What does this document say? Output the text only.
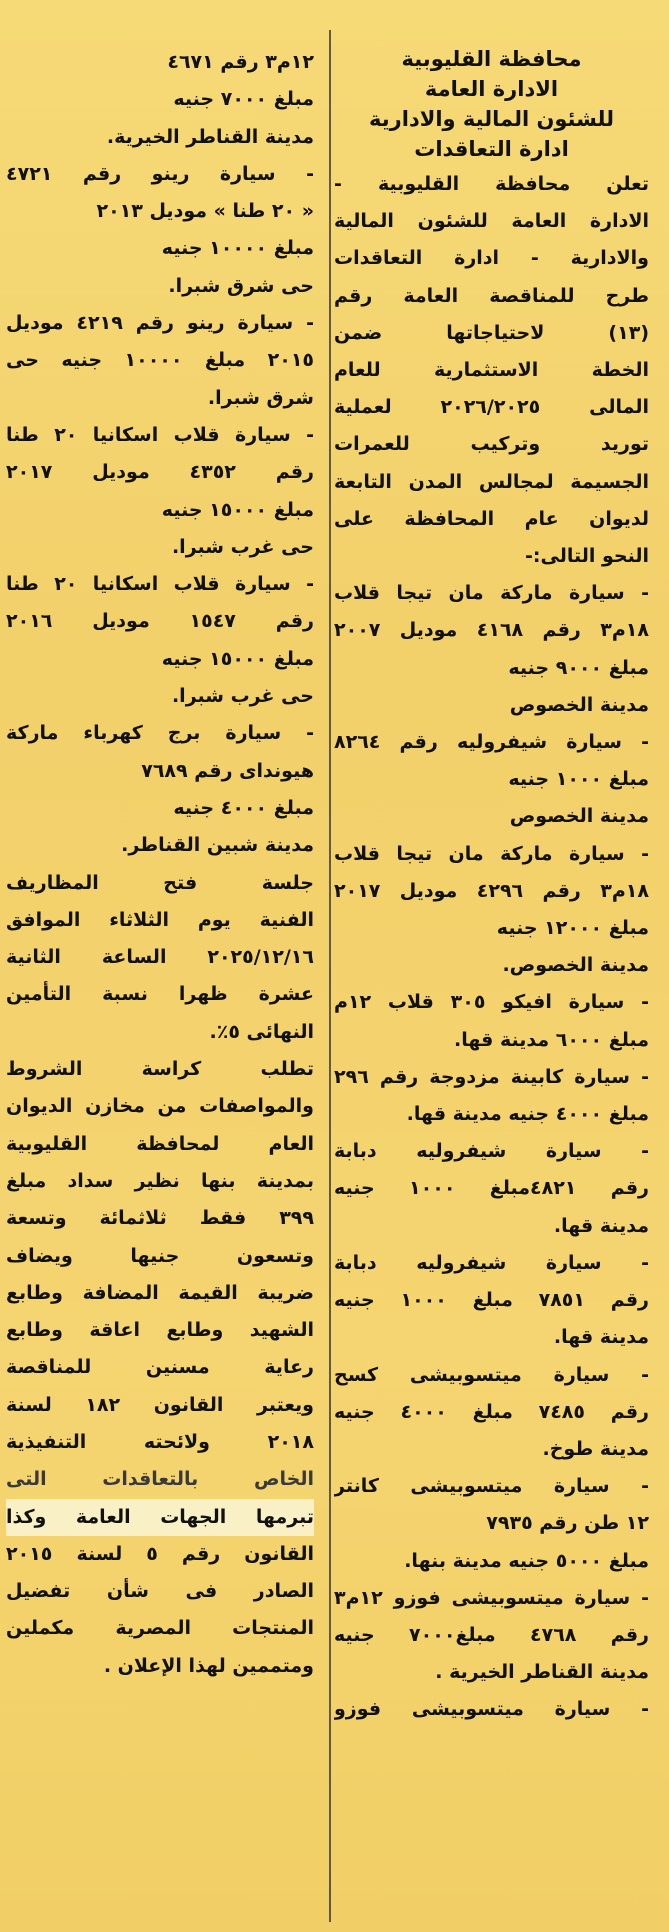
محافظة القليوبية

الادارة العامة

للشئون المالية والادارية

ادارة التعاقدات

تعلن محافظة القليوبية -
الادارة العامة للشئون المالية
والادارية - ادارة التعاقدات
طرح للمناقصة العامة رقم
(١٣) لاحتياجاتها ضمن
الخطة الاستثمارية للعام
المالى ٢٠٢٦/٢٠٢٥ لعملية
توريد وتركيب للعمرات
الجسيمة لمجالس المدن التابعة
لديوان عام المحافظة على
النحو التالى:-
- سيارة ماركة مان تيجا قلاب
١٨م٣ رقم ٤١٦٨ موديل ٢٠٠٧
مبلغ ٩٠٠٠ جنيه
مدينة الخصوص
- سيارة شيفروليه رقم ٨٢٦٤
مبلغ ١٠٠٠ جنيه
مدينة الخصوص
- سيارة ماركة مان تيجا قلاب
١٨م٣ رقم ٤٢٩٦ موديل ٢٠١٧
مبلغ ١٢٠٠٠ جنيه
مدينة الخصوص.
- سيارة افيكو ٣٠٥ قلاب ١٢م
مبلغ ٦٠٠٠ مدينة قها.
- سيارة كابينة مزدوجة رقم ٢٩٦
مبلغ ٤٠٠٠ جنيه مدينة قها.
- سيارة شيفروليه دبابة
رقم ٤٨٢١مبلغ ١٠٠٠ جنيه
مدينة قها.
- سيارة شيفروليه دبابة
رقم ٧٨٥١ مبلغ ١٠٠٠ جنيه
مدينة قها.
- سيارة ميتسوبيشى كسح
رقم ٧٤٨٥ مبلغ ٤٠٠٠ جنيه
مدينة طوخ.
- سيارة ميتسوبيشى كانتر
١٢ طن رقم ٧٩٣٥
مبلغ ٥٠٠٠ جنيه مدينة بنها.
- سيارة ميتسوبيشى فوزو ١٢م٣
رقم ٤٧٦٨ مبلغ٧٠٠٠ جنيه
مدينة القناطر الخيرية .
- سيارة ميتسوبيشى فوزو
١٢م٣ رقم ٤٦٧١
مبلغ ٧٠٠٠ جنيه
مدينة القناطر الخيرية.
- سيارة رينو رقم ٤٧٢١
« ٢٠ طنا » موديل ٢٠١٣
مبلغ ١٠٠٠٠ جنيه
حى شرق شبرا.
- سيارة رينو رقم ٤٢١٩ موديل
٢٠١٥ مبلغ ١٠٠٠٠ جنيه حى
شرق شبرا.
- سيارة قلاب اسكانيا ٢٠ طنا
رقم ٤٣٥٢ موديل ٢٠١٧
مبلغ ١٥٠٠٠ جنيه
حى غرب شبرا.
- سيارة قلاب اسكانيا ٢٠ طنا
رقم ١٥٤٧ موديل ٢٠١٦
مبلغ ١٥٠٠٠ جنيه
حى غرب شبرا.
- سيارة برج كهرباء ماركة
هيونداى رقم ٧٦٨٩
مبلغ ٤٠٠٠ جنيه
مدينة شبين القناطر.
جلسة فتح المظاريف
الفنية يوم الثلاثاء الموافق
٢٠٢٥/١٢/١٦ الساعة الثانية
عشرة ظهرا نسبة التأمين
النهائى ٥٪.
تطلب كراسة الشروط
والمواصفات من مخازن الديوان
العام لمحافظة القليوبية
بمدينة بنها نظير سداد مبلغ
٣٩٩ فقط ثلاثمائة وتسعة
وتسعون جنيها ويضاف
ضريبة القيمة المضافة وطابع
الشهيد وطابع اعاقة وطابع
رعاية مسنين للمناقصة
ويعتبر القانون ١٨٢ لسنة
٢٠١٨ ولائحته التنفيذية
الخاص بالتعاقدات التى
تبرمها الجهات العامة وكذا
القانون رقم ٥ لسنة ٢٠١٥
الصادر فى شأن تفضيل
المنتجات المصرية مكملين
ومتممين لهذا الإعلان .
